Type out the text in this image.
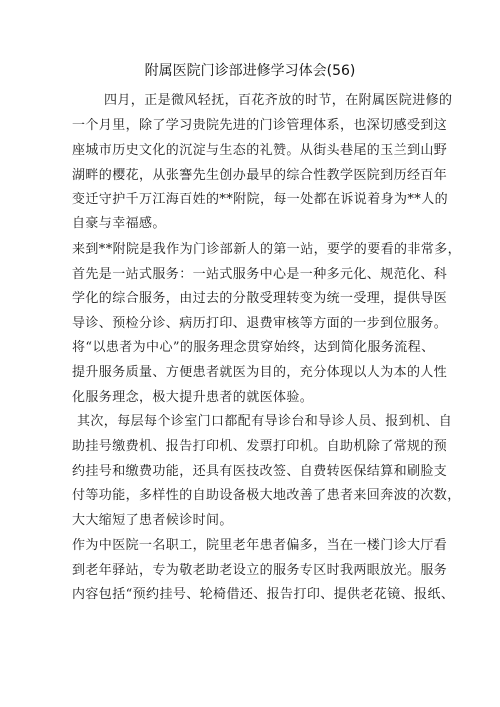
附属医院门诊部进修学习体会(56)

四月，正是微风轻抚，百花齐放的时节，在附属医院进修的

一个月里，除了学习贵院先进的门诊管理体系，也深切感受到这

座城市历史文化的沉淀与生态的礼赞。从街头巷尾的玉兰到山野

湖畔的樱花，从张謇先生创办最早的综合性教学医院到历经百年

变迁守护千万江海百姓的**附院，每一处都在诉说着身为**人的

自豪与幸福感。

来到**附院是我作为门诊部新人的第一站，要学的要看的非常多，

首先是一站式服务：一站式服务中心是一种多元化、规范化、科

学化的综合服务，由过去的分散受理转变为统一受理，提供导医

导诊、预检分诊、病历打印、退费审核等方面的一步到位服务。

将“以患者为中心”的服务理念贯穿始终，达到简化服务流程、

提升服务质量、方便患者就医为目的，充分体现以人为本的人性

化服务理念，极大提升患者的就医体验。

其次，每层每个诊室门口都配有导诊台和导诊人员、报到机、自

助挂号缴费机、报告打印机、发票打印机。自助机除了常规的预

约挂号和缴费功能，还具有医技改签、自费转医保结算和刷脸支

付等功能，多样性的自助设备极大地改善了患者来回奔波的次数，

大大缩短了患者候诊时间。

作为中医院一名职工，院里老年患者偏多，当在一楼门诊大厅看

到老年驿站，专为敬老助老设立的服务专区时我两眼放光。服务

内容包括“预约挂号、轮椅借还、报告打印、提供老花镜、报纸、
